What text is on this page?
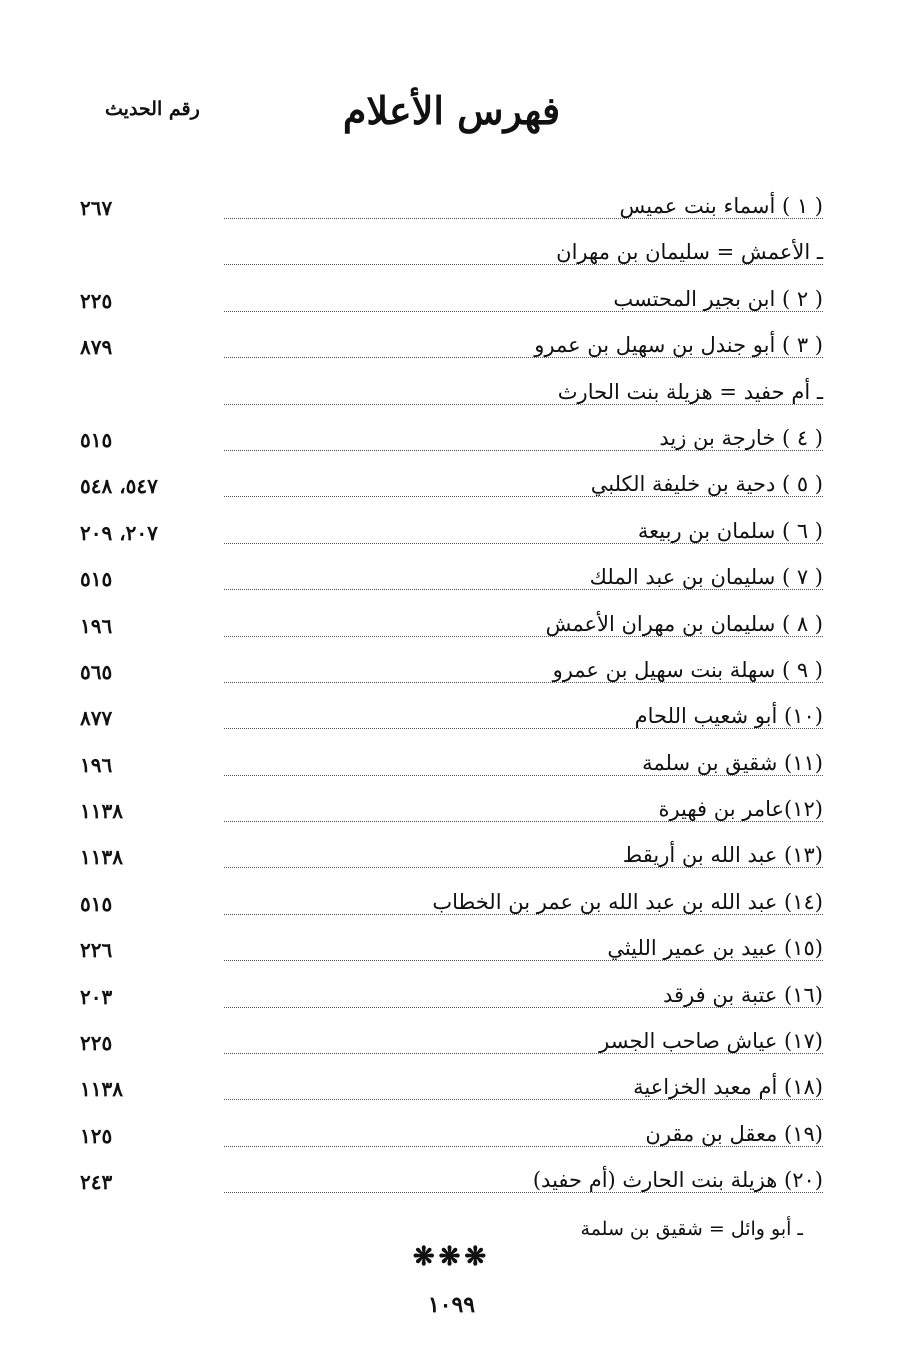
فهرس الأعلام
رقم الحديث
( ١ ) أسماء بنت عميس
٢٦٧
ـ الأعمش = سليمان بن مهران
( ٢ ) ابن بجير المحتسب
٢٢٥
( ٣ ) أبو جندل بن سهيل بن عمرو
٨٧٩
ـ أم حفيد = هزيلة بنت الحارث
( ٤ ) خارجة بن زيد
٥١٥
( ٥ ) دحية بن خليفة الكلبي
٥٤٧، ٥٤٨
( ٦ ) سلمان بن ربيعة
٢٠٧، ٢٠٩
( ٧ ) سليمان بن عبد الملك
٥١٥
( ٨ ) سليمان بن مهران الأعمش
١٩٦
( ٩ ) سهلة بنت سهيل بن عمرو
٥٦٥
(١٠) أبو شعيب اللحام
٨٧٧
(١١) شقيق بن سلمة
١٩٦
(١٢)عامر بن فهيرة
١١٣٨
(١٣) عبد الله بن أريقط
١١٣٨
(١٤) عبد الله بن عبد الله بن عمر بن الخطاب
٥١٥
(١٥) عبيد بن عمير الليثي
٢٢٦
(١٦) عتبة بن فرقد
٢٠٣
(١٧) عياش صاحب الجسر
٢٢٥
(١٨) أم معبد الخزاعية
١١٣٨
(١٩) معقل بن مقرن
١٢٥
(٢٠) هزيلة بنت الحارث (أم حفيد)
٢٤٣
ـ أبو وائل = شقيق بن سلمة
❋❋❋
١٠٩٩
